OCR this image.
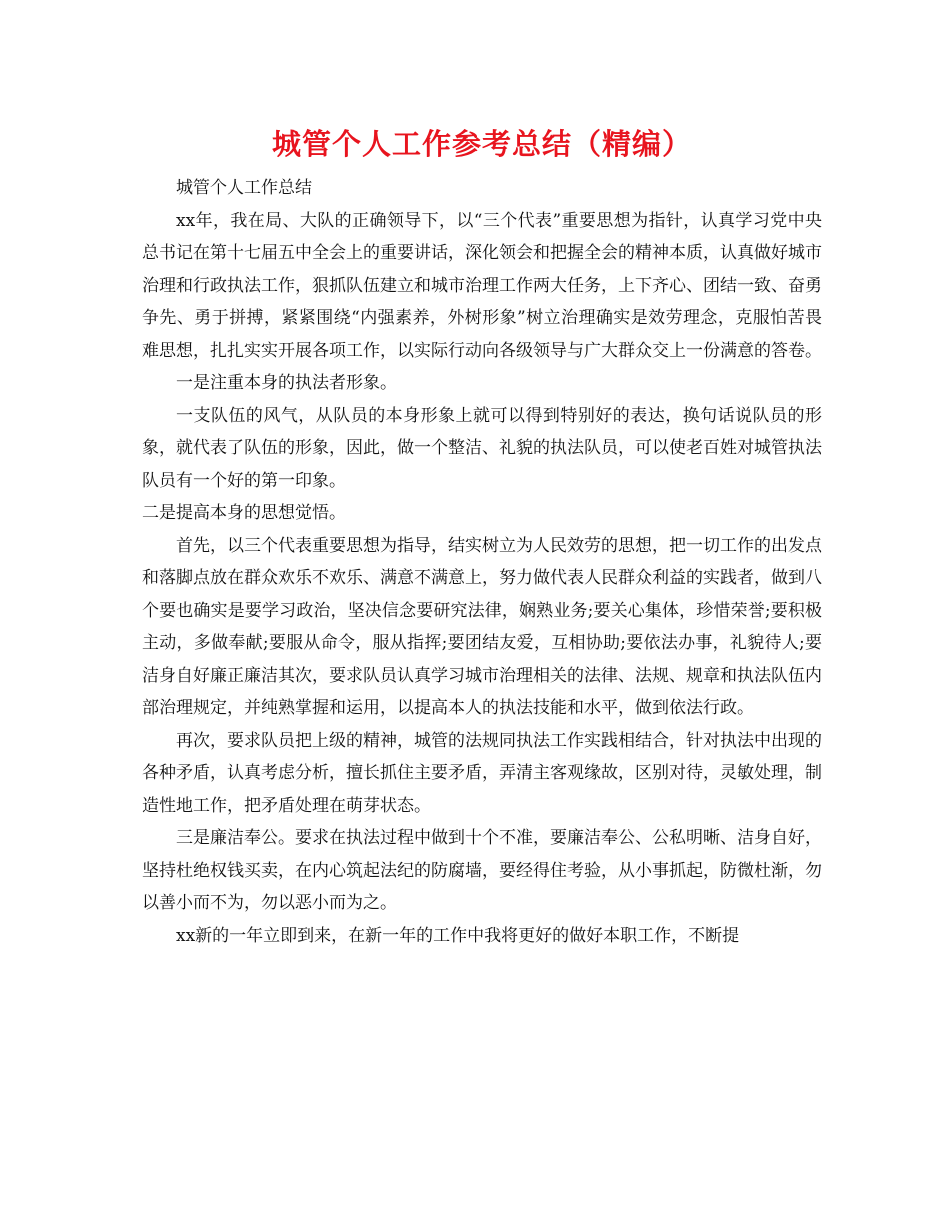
城管个人工作参考总结（精编）

城管个人工作总结

xx年，我在局、大队的正确领导下，以“三个代表”重要思想为指针，认真学习党中央总书记在第十七届五中全会上的重要讲话，深化领会和把握全会的精神本质，认真做好城市治理和行政执法工作，狠抓队伍建立和城市治理工作两大任务，上下齐心、团结一致、奋勇争先、勇于拼搏，紧紧围绕“内强素养，外树形象”树立治理确实是效劳理念，克服怕苦畏难思想，扎扎实实开展各项工作，以实际行动向各级领导与广大群众交上一份满意的答卷。

一是注重本身的执法者形象。

一支队伍的风气，从队员的本身形象上就可以得到特别好的表达，换句话说队员的形象，就代表了队伍的形象，因此，做一个整洁、礼貌的执法队员，可以使老百姓对城管执法队员有一个好的第一印象。

二是提高本身的思想觉悟。

首先，以三个代表重要思想为指导，结实树立为人民效劳的思想，把一切工作的出发点和落脚点放在群众欢乐不欢乐、满意不满意上，努力做代表人民群众利益的实践者，做到八个要也确实是要学习政治，坚决信念要研究法律，娴熟业务;要关心集体，珍惜荣誉;要积极主动，多做奉献;要服从命令，服从指挥;要团结友爱，互相协助;要依法办事，礼貌待人;要洁身自好廉正廉洁其次，要求队员认真学习城市治理相关的法律、法规、规章和执法队伍内部治理规定，并纯熟掌握和运用，以提高本人的执法技能和水平，做到依法行政。

再次，要求队员把上级的精神，城管的法规同执法工作实践相结合，针对执法中出现的各种矛盾，认真考虑分析，擅长抓住主要矛盾，弄清主客观缘故，区别对待，灵敏处理，制造性地工作，把矛盾处理在萌芽状态。

三是廉洁奉公。要求在执法过程中做到十个不准，要廉洁奉公、公私明晰、洁身自好，坚持杜绝权钱买卖，在内心筑起法纪的防腐墙，要经得住考验，从小事抓起，防微杜渐，勿以善小而不为，勿以恶小而为之。

xx新的一年立即到来，在新一年的工作中我将更好的做好本职工作，不断提
